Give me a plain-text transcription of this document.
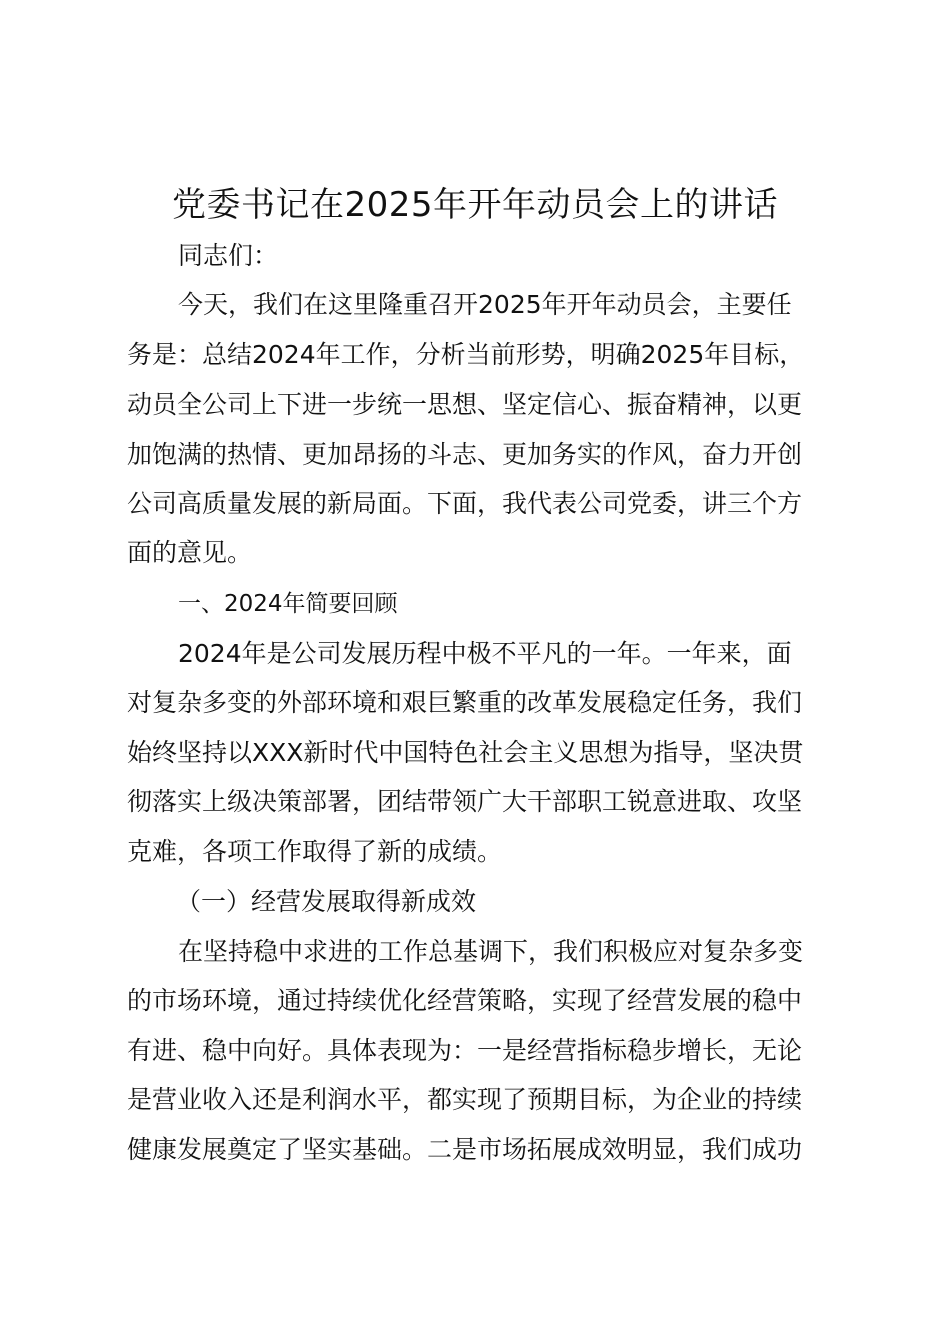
党委书记在2025年开年动员会上的讲话

同志们：

今天，我们在这里隆重召开2025年开年动员会，主要任

务是：总结2024年工作，分析当前形势，明确2025年目标，

动员全公司上下进一步统一思想、坚定信心、振奋精神，以更

加饱满的热情、更加昂扬的斗志、更加务实的作风，奋力开创

公司高质量发展的新局面。下面，我代表公司党委，讲三个方

面的意见。

一、2024年简要回顾

2024年是公司发展历程中极不平凡的一年。一年来，面

对复杂多变的外部环境和艰巨繁重的改革发展稳定任务，我们

始终坚持以XXX新时代中国特色社会主义思想为指导，坚决贯

彻落实上级决策部署，团结带领广大干部职工锐意进取、攻坚

克难，各项工作取得了新的成绩。

（一）经营发展取得新成效

在坚持稳中求进的工作总基调下，我们积极应对复杂多变

的市场环境，通过持续优化经营策略，实现了经营发展的稳中

有进、稳中向好。具体表现为：一是经营指标稳步增长，无论

是营业收入还是利润水平，都实现了预期目标，为企业的持续

健康发展奠定了坚实基础。二是市场拓展成效明显，我们成功
